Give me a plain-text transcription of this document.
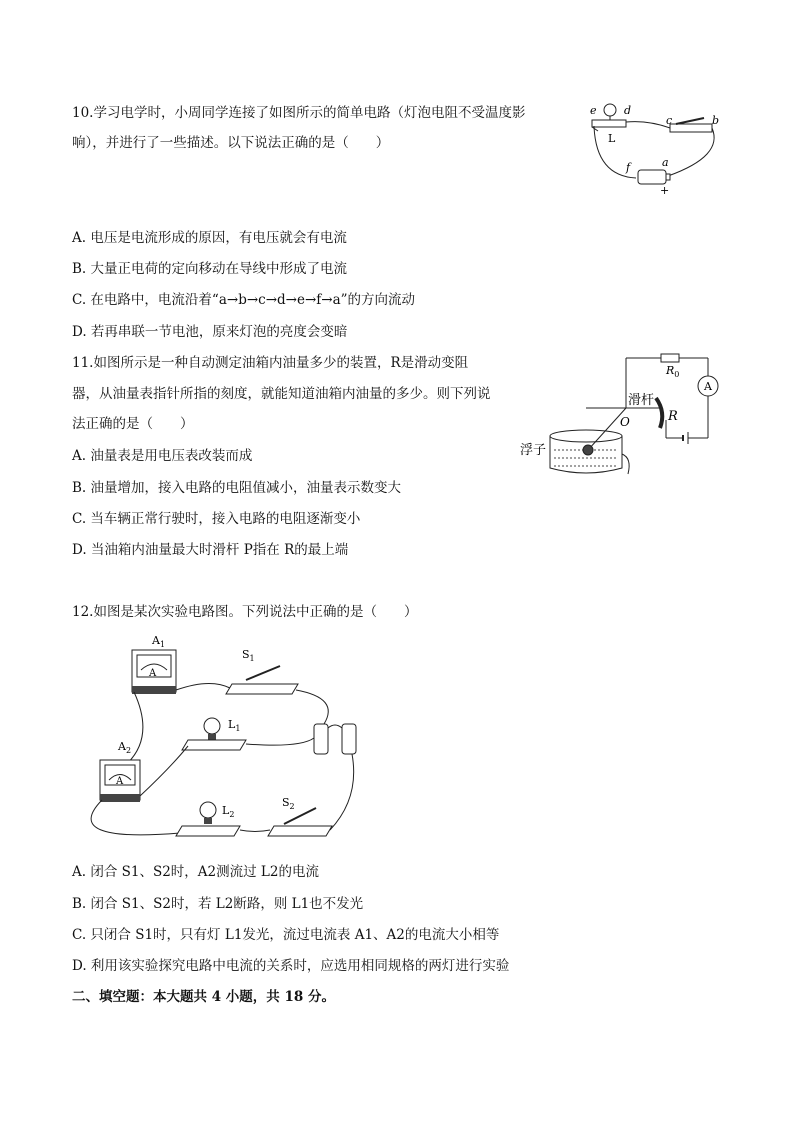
10.学习电学时，小周同学连接了如图所示的简单电路（灯泡电阻不受温度影
响），并进行了一些描述。以下说法正确的是（　　）
e d
L
c	b
f	a
+
A. 电压是电流形成的原因，有电压就会有电流
B. 大量正电荷的定向移动在导线中形成了电流
C. 在电路中，电流沿着“a→b→c→d→e→f→a”的方向流动
D. 若再串联一节电池，原来灯泡的亮度会变暗
11.如图所示是一种自动测定油箱内油量多少的装置，R是滑动变阻
器，从油量表指针所指的刻度，就能知道油箱内油量的多少。则下列说
法正确的是（　　）
$R_0$
A
R
滑杆
O
浮子
A. 油量表是用电压表改装而成
B. 油量增加，接入电路的电阻值减小，油量表示数变大
C. 当车辆正常行驶时，接入电路的电阻逐渐变小
D. 当油箱内油量最大时滑杆 P指在 R的最上端
12.如图是某次实验电路图。下列说法中正确的是（　　）
$A_1$
A
$S_1$
$L_1$
$A_2$
A
$L_2$
$S_2$
A. 闭合 S1、S2时，A2测流过 L2的电流
B. 闭合 S1、S2时，若 L2断路，则 L1也不发光
C. 只闭合 S1时，只有灯 L1发光，流过电流表 A1、A2的电流大小相等
D. 利用该实验探究电路中电流的关系时，应选用相同规格的两灯进行实验
二、填空题：本大题共 4 小题，共 18 分。
